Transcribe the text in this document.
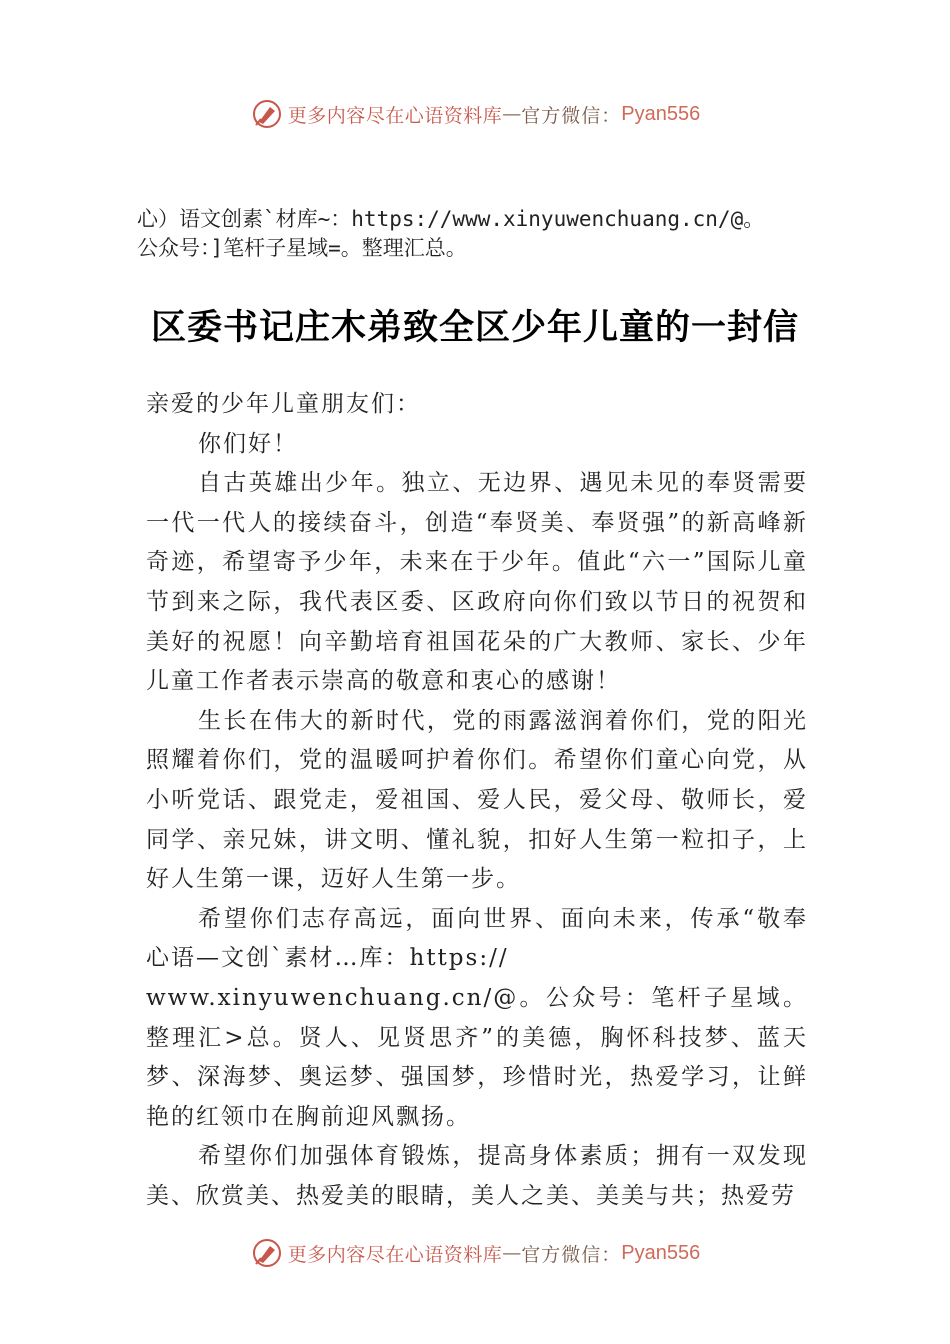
更多内容尽在心语资料库 — 官方微信： Pyan556
心）语文创素`材库~：https://www.xinyuwenchuang.cn/@。
公众号：]笔杆子星域=。整理汇总。
区委书记庄木弟致全区少年儿童的一封信

亲爱的少年儿童朋友们：

你们好！

自古英雄出少年。独立、无边界、遇见未见的奉贤需要一代一代人的接续奋斗，创造“奉贤美、奉贤强”的新高峰新奇迹，希望寄予少年，未来在于少年。值此“六一”国际儿童节到来之际，我代表区委、区政府向你们致以节日的祝贺和美好的祝愿！向辛勤培育祖国花朵的广大教师、家长、少年儿童工作者表示崇高的敬意和衷心的感谢！

生长在伟大的新时代，党的雨露滋润着你们，党的阳光照耀着你们，党的温暖呵护着你们。希望你们童心向党，从小听党话、跟党走，爱祖国、爱人民，爱父母、敬师长，爱同学、亲兄妹，讲文明、懂礼貌，扣好人生第一粒扣子，上好人生第一课，迈好人生第一步。

希望你们志存高远，面向世界、面向未来，传承“敬奉心语—文创`素材…库：https://

www.xinyuwenchuang.cn/@。公众号：笔杆子星域。整理汇>总。贤人、见贤思齐”的美德，胸怀科技梦、蓝天梦、深海梦、奥运梦、强国梦，珍惜时光，热爱学习，让鲜艳的红领巾在胸前迎风飘扬。

希望你们加强体育锻炼，提高身体素质；拥有一双发现美、欣赏美、热爱美的眼睛，美人之美、美美与共；热爱劳

更多内容尽在心语资料库 — 官方微信： Pyan556
